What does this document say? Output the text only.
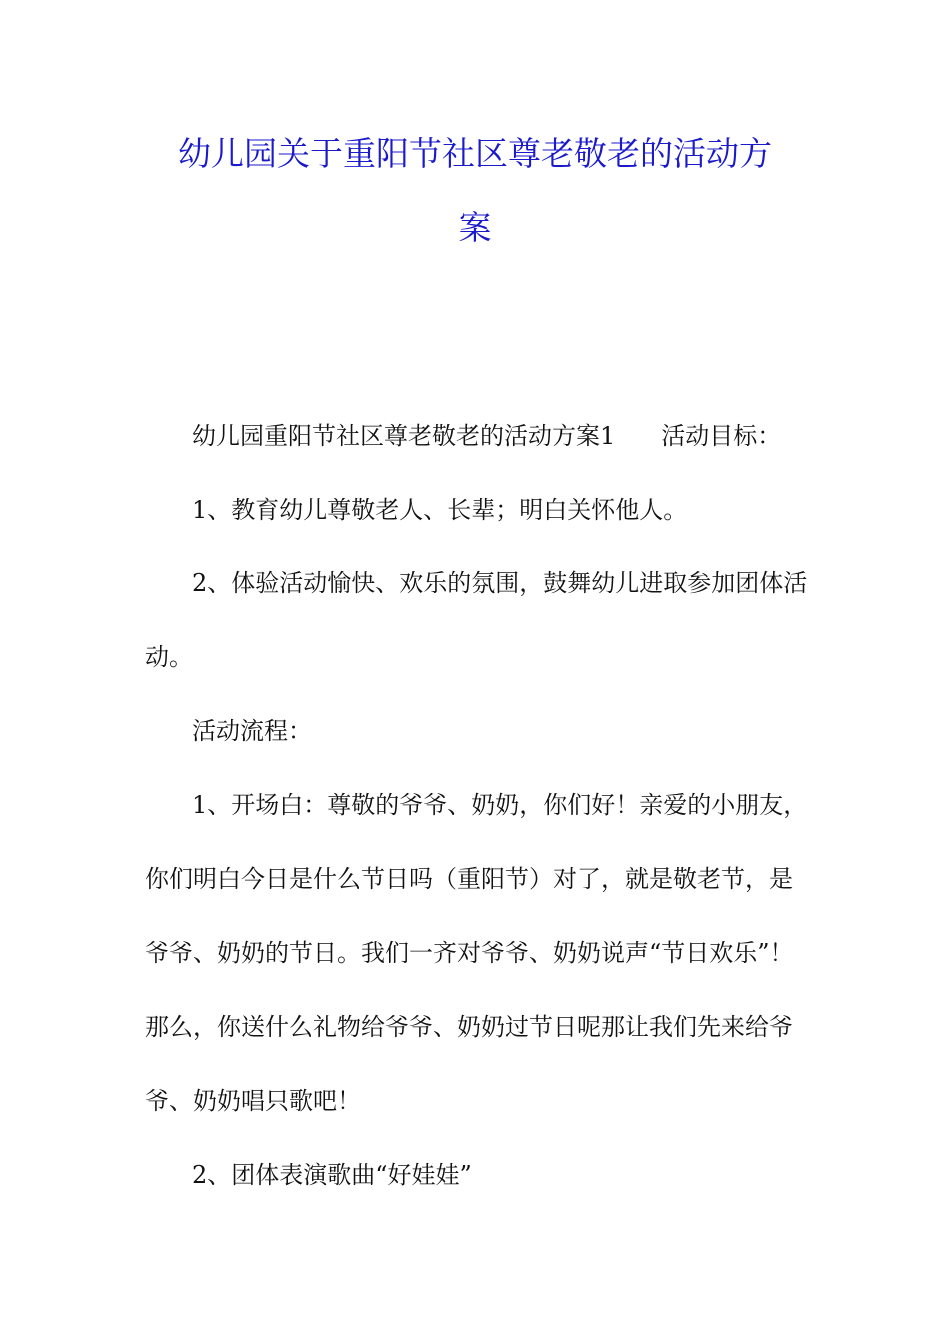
幼儿园关于重阳节社区尊老敬老的活动方
案
幼儿园重阳节社区尊老敬老的活动方案1 活动目标：
1、教育幼儿尊敬老人、长辈；明白关怀他人。
2、体验活动愉快、欢乐的氛围，鼓舞幼儿进取参加团体活
动。
活动流程：
1、开场白：尊敬的爷爷、奶奶，你们好！亲爱的小朋友，
你们明白今日是什么节日吗（重阳节）对了，就是敬老节，是
爷爷、奶奶的节日。我们一齐对爷爷、奶奶说声“节日欢乐”！
那么，你送什么礼物给爷爷、奶奶过节日呢那让我们先来给爷
爷、奶奶唱只歌吧！
2、团体表演歌曲“好娃娃”
